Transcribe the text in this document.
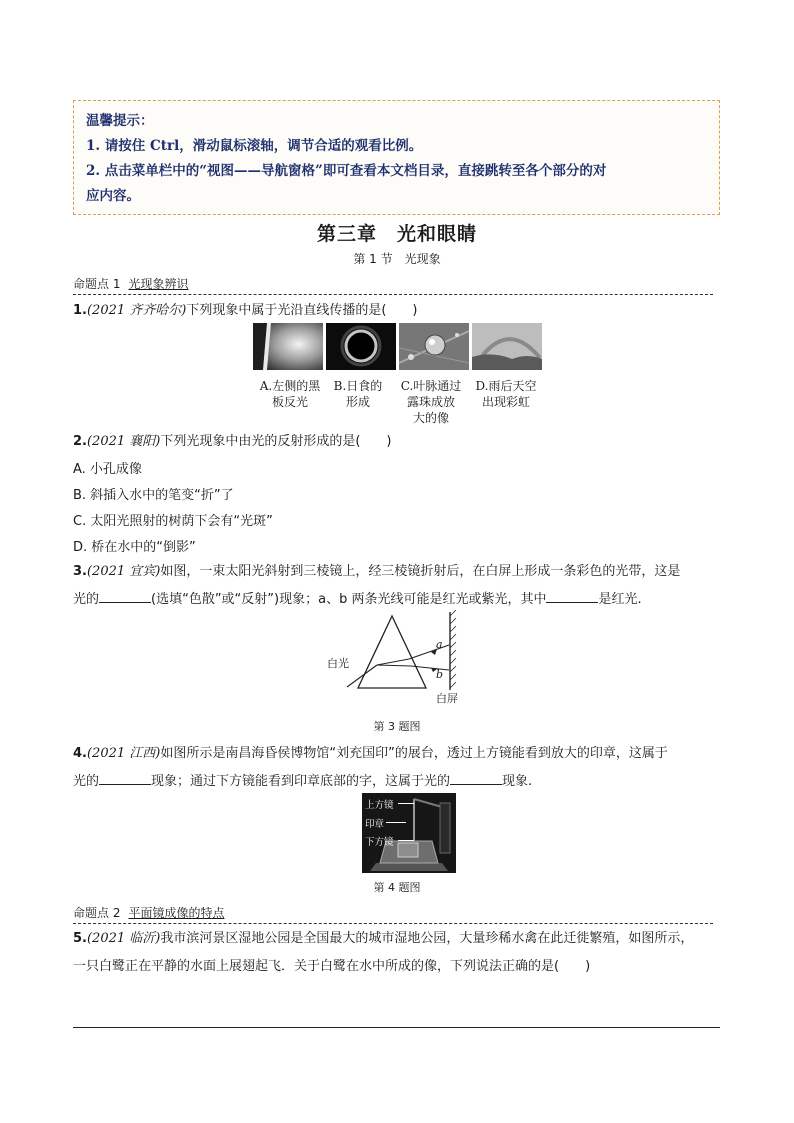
温馨提示：
1. 请按住 Ctrl，滑动鼠标滚轴，调节合适的观看比例。
2. 点击菜单栏中的“视图——导航窗格”即可查看本文档目录，直接跳转至各个部分的对
应内容。
第三章　光和眼睛
第 1 节　光现象
命题点 1 光现象辨识
1.(2021 齐齐哈尔)下列现象中属于光沿直线传播的是(　　)
A.左侧的黑
板反光
B.日食的
形成
C.叶脉通过
露珠成放
大的像
D.雨后天空
出现彩虹
2.(2021 襄阳)下列光现象中由光的反射形成的是(　　)
A. 小孔成像
B. 斜插入水中的笔变“折”了
C. 太阳光照射的树荫下会有“光斑”
D. 桥在水中的“倒影”
3.(2021 宜宾)如图，一束太阳光斜射到三棱镜上，经三棱镜折射后，在白屏上形成一条彩色的光带，这是
光的	(选填“色散”或“反射”)现象；a、b 两条光线可能是红光或紫光，其中	是红光.
白光
a
b
白屏
第 3 题图
4.(2021 江西)如图所示是南昌海昏侯博物馆“刘充国印”的展台，透过上方镜能看到放大的印章，这属于
光的	现象；通过下方镜能看到印章底部的字，这属于光的	现象.
上方镜
印章
下方镜
第 4 题图
命题点 2 平面镜成像的特点
5.(2021 临沂)我市滨河景区湿地公园是全国最大的城市湿地公园，大量珍稀水禽在此迁徙繁殖，如图所示，
一只白鹭正在平静的水面上展翅起飞．关于白鹭在水中所成的像，下列说法正确的是(　　)
